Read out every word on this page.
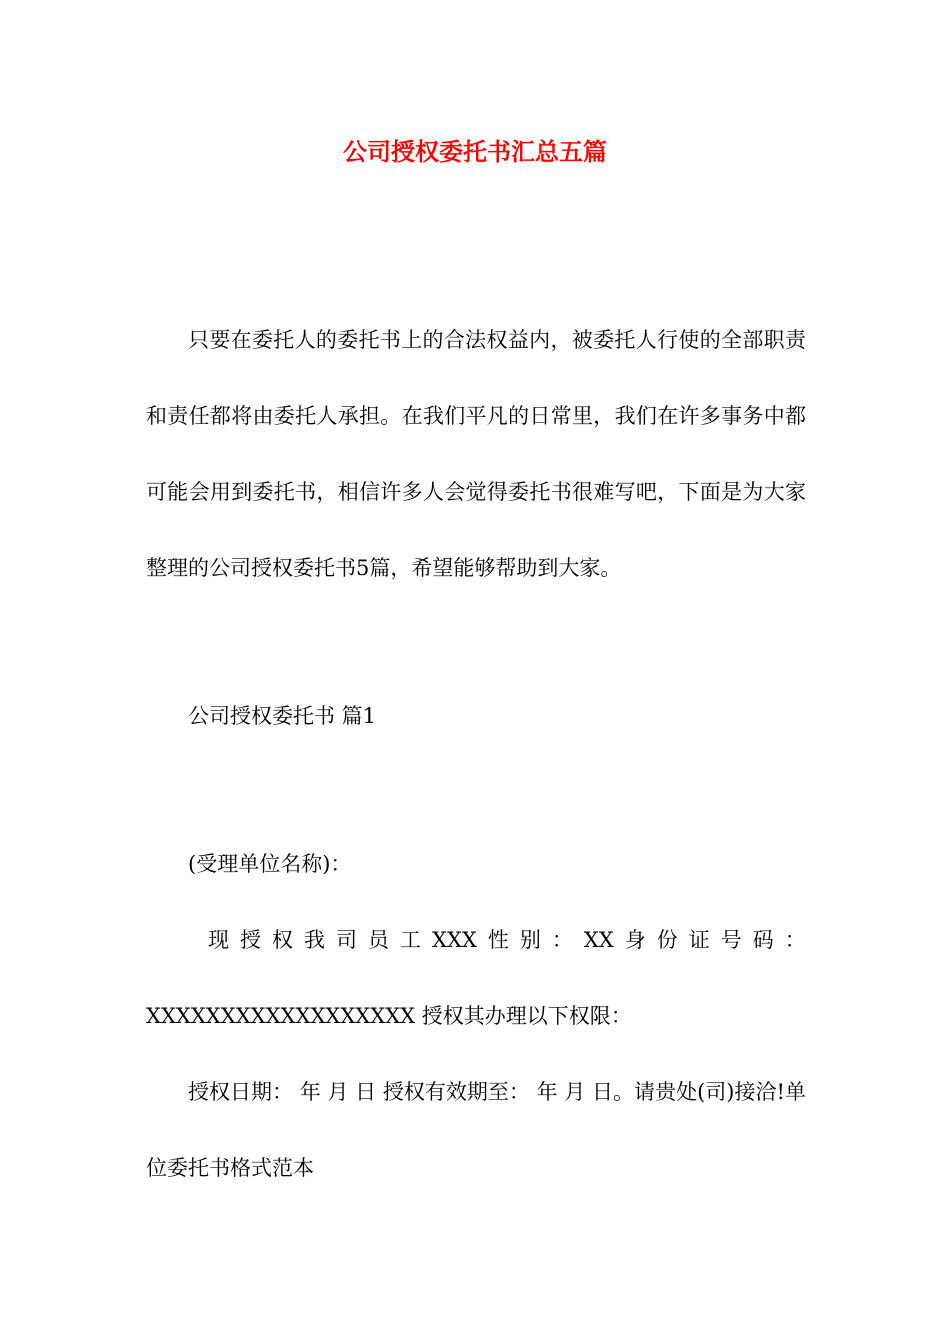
公司授权委托书汇总五篇

只要在委托人的委托书上的合法权益内，被委托人行使的全部职责和责任都将由委托人承担。在我们平凡的日常里，我们在许多事务中都可能会用到委托书，相信许多人会觉得委托书很难写吧，下面是为大家整理的公司授权委托书5篇，希望能够帮助到大家。

公司授权委托书 篇1

(受理单位名称)：

现 授 权 我 司 员 工 XXX 性 别 ： XX 身 份 证 号 码 ：
XXXXXXXXXXXXXXXXXX 授权其办理以下权限：

授权日期： 年 月 日 授权有效期至： 年 月 日。请贵处(司)接洽!单位委托书格式范本
